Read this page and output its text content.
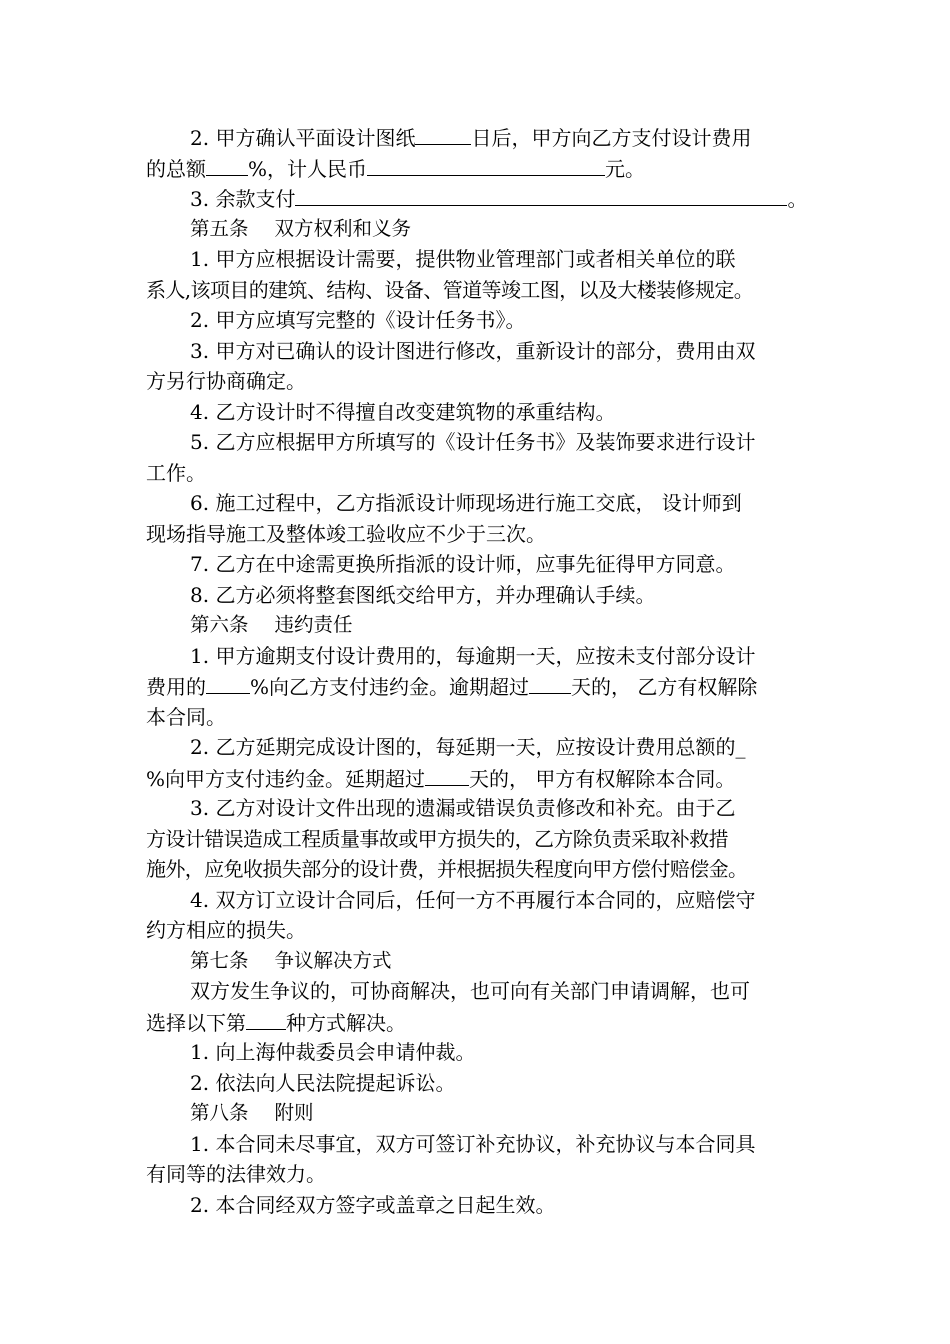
2. 甲方确认平面设计图纸	日后，甲方向乙方支付设计费用
的总额 %，计人民币	元。
3. 余款支付	。
第五条 双方权利和义务
1. 甲方应根据设计需要，提供物业管理部门或者相关单位的联
系人,该项目的建筑、结构、设备、管道等竣工图，以及大楼装修规定。
2. 甲方应填写完整的《设计任务书》。
3. 甲方对已确认的设计图进行修改，重新设计的部分，费用由双
方另行协商确定。
4. 乙方设计时不得擅自改变建筑物的承重结构。
5. 乙方应根据甲方所填写的《设计任务书》及装饰要求进行设计
工作。
6. 施工过程中，乙方指派设计师现场进行施工交底， 设计师到
现场指导施工及整体竣工验收应不少于三次。
7. 乙方在中途需更换所指派的设计师，应事先征得甲方同意。
8. 乙方必须将整套图纸交给甲方，并办理确认手续。
第六条 违约责任
1. 甲方逾期支付设计费用的，每逾期一天，应按未支付部分设计
费用的 %向乙方支付违约金。逾期超过 天的， 乙方有权解除
本合同。
2. 乙方延期完成设计图的，每延期一天，应按设计费用总额的_
%向甲方支付违约金。延期超过 天的， 甲方有权解除本合同。
3. 乙方对设计文件出现的遗漏或错误负责修改和补充。由于乙
方设计错误造成工程质量事故或甲方损失的，乙方除负责采取补救措
施外，应免收损失部分的设计费，并根据损失程度向甲方偿付赔偿金。
4. 双方订立设计合同后，任何一方不再履行本合同的，应赔偿守
约方相应的损失。
第七条 争议解决方式
双方发生争议的，可协商解决，也可向有关部门申请调解，也可
选择以下第 种方式解决。
1. 向上海仲裁委员会申请仲裁。
2. 依法向人民法院提起诉讼。
第八条 附则
1. 本合同未尽事宜，双方可签订补充协议，补充协议与本合同具
有同等的法律效力。
2. 本合同经双方签字或盖章之日起生效。
